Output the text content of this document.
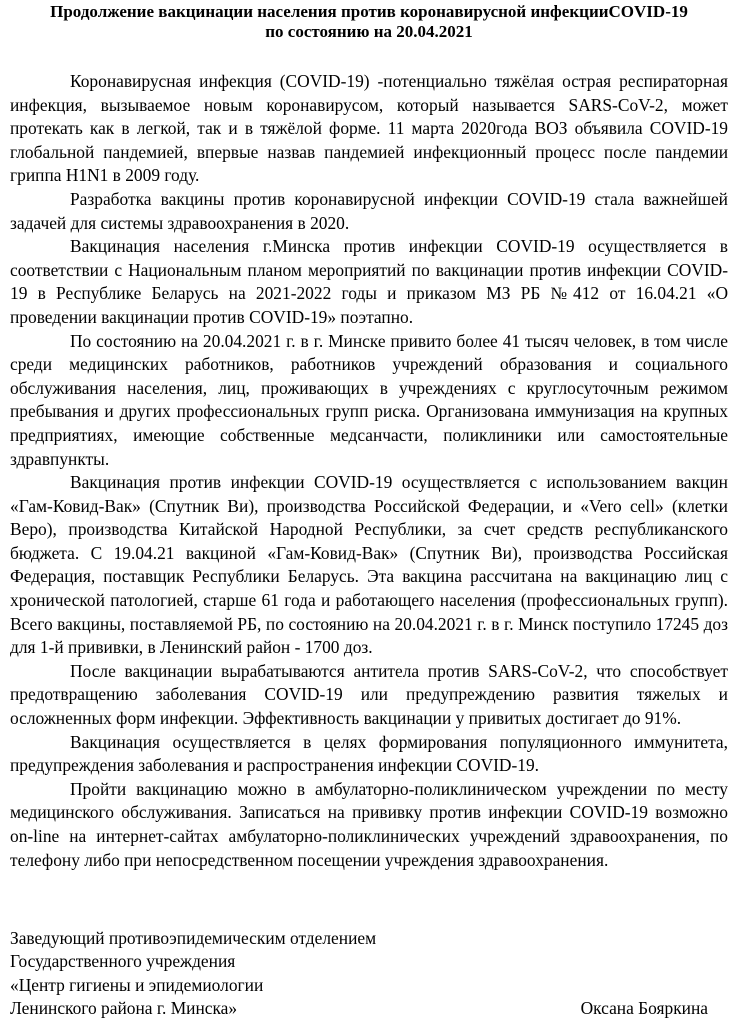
Продолжение вакцинации населения против коронавирусной инфекцииCOVID-19
по состоянию на 20.04.2021

Коронавирусная инфекция (COVID-19) -потенциально тяжёлая острая респираторная инфекция, вызываемое новым коронавирусом, который называется SARS-CoV-2, может протекать как в легкой, так и в тяжёлой форме. 11 марта 2020года ВОЗ объявила COVID-19 глобальной пандемией, впервые назвав пандемией инфекционный процесс после пандемии гриппа H1N1 в 2009 году.

Разработка вакцины против коронавирусной инфекции COVID-19 стала важнейшей задачей для системы здравоохранения в 2020.

Вакцинация населения г.Минска против инфекции COVID-19 осуществляется в соответствии с Национальным планом мероприятий по вакцинации против инфекции COVID-19 в Республике Беларусь на 2021-2022 годы и приказом МЗ РБ №412 от 16.04.21 «О проведении вакцинации против COVID-19» поэтапно.

По состоянию на 20.04.2021 г. в г. Минске привито более 41 тысяч человек, в том числе среди медицинских работников, работников учреждений образования и социального обслуживания населения, лиц, проживающих в учреждениях с круглосуточным режимом пребывания и других профессиональных групп риска. Организована иммунизация на крупных предприятиях, имеющие собственные медсанчасти, поликлиники или самостоятельные здравпункты.

Вакцинация против инфекции COVID-19 осуществляется с использованием вакцин «Гам-Ковид-Вак» (Спутник Ви), производства Российской Федерации, и «Vero cell» (клетки Веро), производства Китайской Народной Республики, за счет средств республиканского бюджета. С 19.04.21 вакциной «Гам-Ковид-Вак» (Спутник Ви), производства Российская Федерация, поставщик Республики Беларусь. Эта вакцина рассчитана на вакцинацию лиц с хронической патологией, старше 61 года и работающего населения (профессиональных групп). Всего вакцины, поставляемой РБ, по состоянию на 20.04.2021 г. в г. Минск поступило 17245 доз для 1-й прививки, в Ленинский район - 1700 доз.

После вакцинации вырабатываются антитела против SARS-CoV-2, что способствует предотвращению заболевания COVID-19 или предупреждению развития тяжелых и осложненных форм инфекции. Эффективность вакцинации у привитых достигает до 91%.

Вакцинация осуществляется в целях формирования популяционного иммунитета, предупреждения заболевания и распространения инфекции COVID-19.

Пройти вакцинацию можно в амбулаторно-поликлиническом учреждении по месту медицинского обслуживания. Записаться на прививку против инфекции COVID-19 возможно on-line на интернет-сайтах амбулаторно-поликлинических учреждений здравоохранения, по телефону либо при непосредственном посещении учреждения здравоохранения.

Заведующий противоэпидемическим отделением
Государственного учреждения
«Центр гигиены и эпидемиологии
Ленинского района г. Минска»	Оксана Бояркина
